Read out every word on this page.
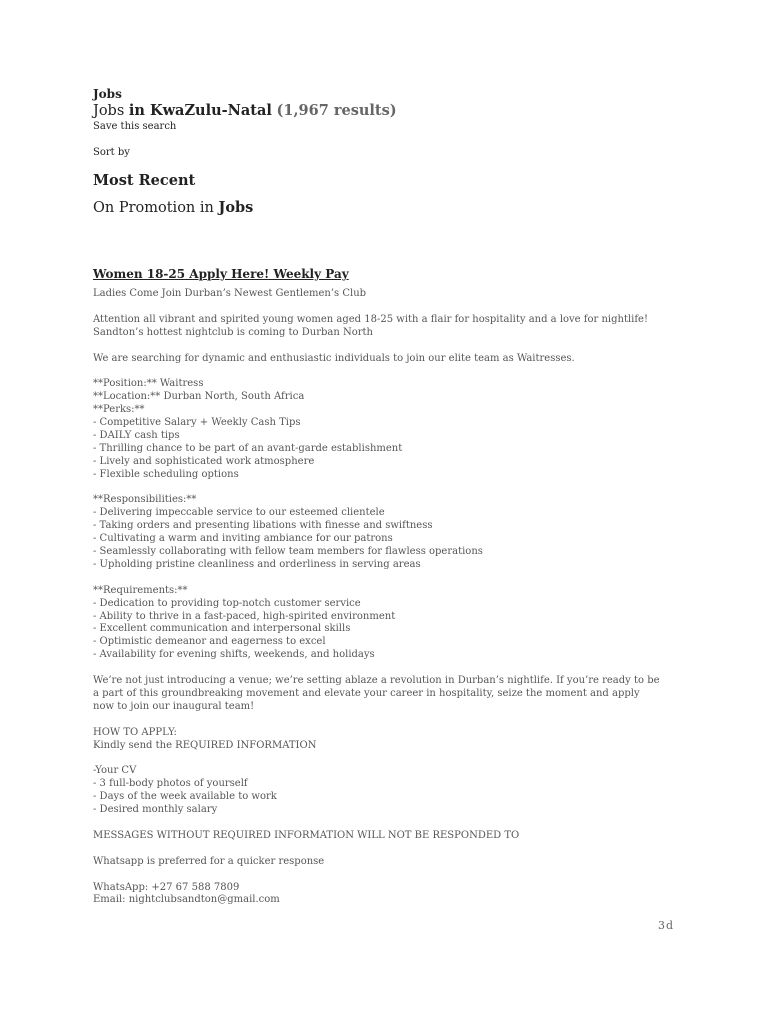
Jobs
Jobs in KwaZulu-Natal (1,967 results)
Save this search
Sort by
Most Recent
On Promotion in Jobs
Women 18-25 Apply Here! Weekly Pay

Ladies Come Join Durban’s Newest Gentlemen’s Club

Attention all vibrant and spirited young women aged 18-25 with a flair for hospitality and a love for nightlife!

Sandton’s hottest nightclub is coming to Durban North

We are searching for dynamic and enthusiastic individuals to join our elite team as Waitresses.

**Position:** Waitress

**Location:** Durban North, South Africa

**Perks:**

- Competitive Salary + Weekly Cash Tips

- DAILY cash tips

- Thrilling chance to be part of an avant-garde establishment

- Lively and sophisticated work atmosphere

- Flexible scheduling options

**Responsibilities:**

- Delivering impeccable service to our esteemed clientele

- Taking orders and presenting libations with finesse and swiftness

- Cultivating a warm and inviting ambiance for our patrons

- Seamlessly collaborating with fellow team members for flawless operations

- Upholding pristine cleanliness and orderliness in serving areas

**Requirements:**

- Dedication to providing top-notch customer service

- Ability to thrive in a fast-paced, high-spirited environment

- Excellent communication and interpersonal skills

- Optimistic demeanor and eagerness to excel

- Availability for evening shifts, weekends, and holidays

We’re not just introducing a venue; we’re setting ablaze a revolution in Durban’s nightlife. If you’re ready to be

a part of this groundbreaking movement and elevate your career in hospitality, seize the moment and apply

now to join our inaugural team!

HOW TO APPLY:

Kindly send the REQUIRED INFORMATION

-Your CV

- 3 full-body photos of yourself

- Days of the week available to work

- Desired monthly salary

MESSAGES WITHOUT REQUIRED INFORMATION WILL NOT BE RESPONDED TO

Whatsapp is preferred for a quicker response

WhatsApp: +27 67 588 7809

Email: nightclubsandton@gmail.com

3d
